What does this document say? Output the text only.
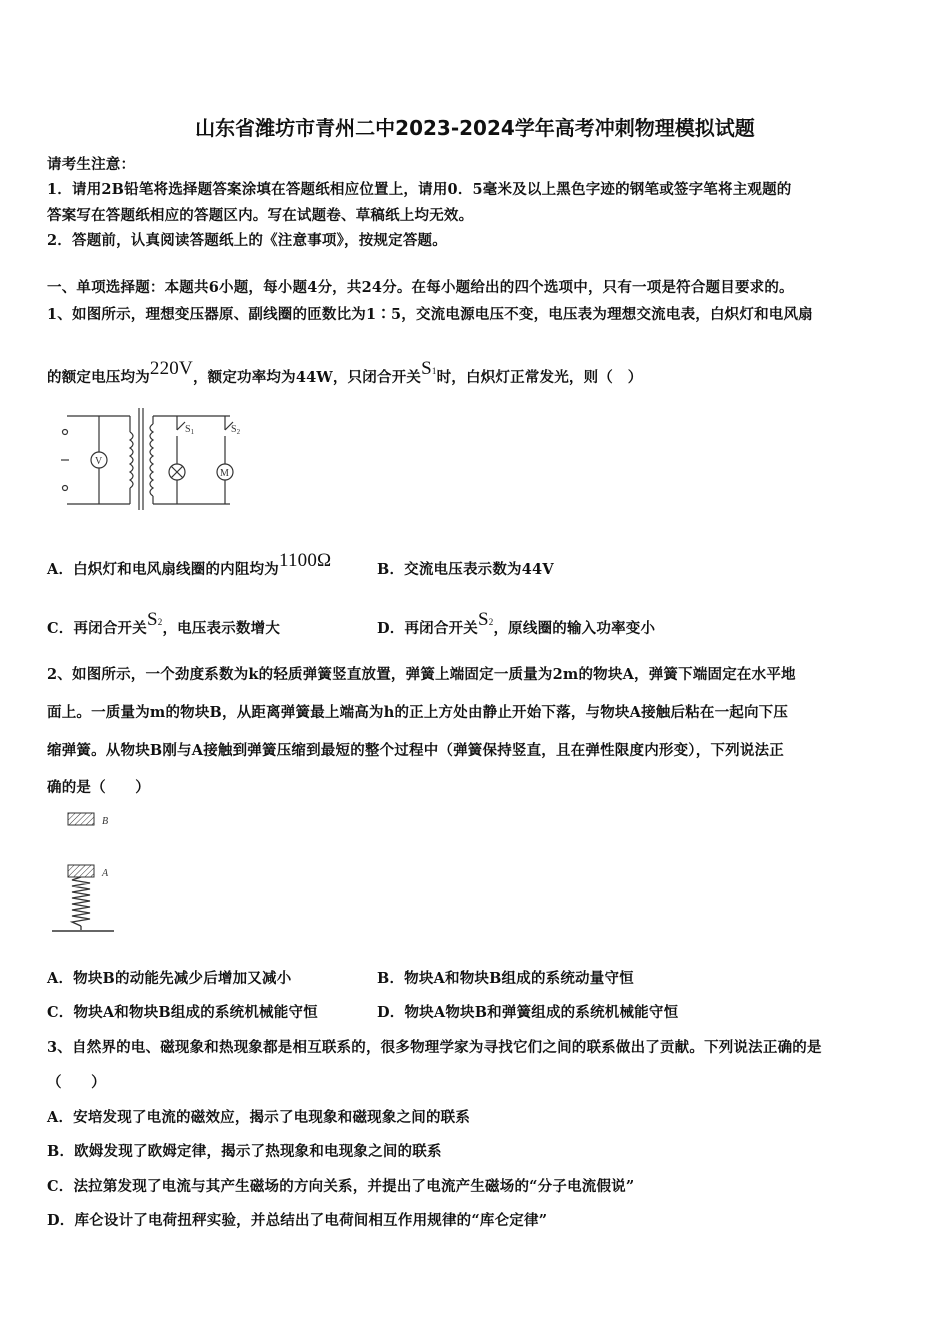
山东省潍坊市青州二中2023-2024学年高考冲刺物理模拟试题
请考生注意：
1．请用2B铅笔将选择题答案涂填在答题纸相应位置上，请用0．5毫米及以上黑色字迹的钢笔或签字笔将主观题的
答案写在答题纸相应的答题区内。写在试题卷、草稿纸上均无效。
2．答题前，认真阅读答题纸上的《注意事项》，按规定答题。
一、单项选择题：本题共6小题，每小题4分，共24分。在每小题给出的四个选项中，只有一项是符合题目要求的。
1、如图所示，理想变压器原、副线圈的匝数比为1∶5，交流电源电压不变，电压表为理想交流电表，白炽灯和电风扇
的额定电压均为220V，额定功率均为44W，只闭合开关S1时，白炽灯正常发光，则（　）
V
M
$S_1$	$S_2$
A．白炽灯和电风扇线圈的内阻均为1100Ω	B．交流电压表示数为44V
C．再闭合开关S2，电压表示数增大	D．再闭合开关S2，原线圈的输入功率变小
2、如图所示，一个劲度系数为k的轻质弹簧竖直放置，弹簧上端固定一质量为2m的物块A，弹簧下端固定在水平地
面上。一质量为m的物块B，从距离弹簧最上端高为h的正上方处由静止开始下落，与物块A接触后粘在一起向下压
缩弹簧。从物块B刚与A接触到弹簧压缩到最短的整个过程中（弹簧保持竖直，且在弹性限度内形变），下列说法正
确的是（　　）
B
A
A．物块B的动能先减少后增加又减小	B．物块A和物块B组成的系统动量守恒
C．物块A和物块B组成的系统机械能守恒	D．物块A物块B和弹簧组成的系统机械能守恒
3、自然界的电、磁现象和热现象都是相互联系的，很多物理学家为寻找它们之间的联系做出了贡献。下列说法正确的是
（　　）
A．安培发现了电流的磁效应，揭示了电现象和磁现象之间的联系
B．欧姆发现了欧姆定律，揭示了热现象和电现象之间的联系
C．法拉第发现了电流与其产生磁场的方向关系，并提出了电流产生磁场的“分子电流假说”
D．库仑设计了电荷扭秤实验，并总结出了电荷间相互作用规律的“库仑定律”
